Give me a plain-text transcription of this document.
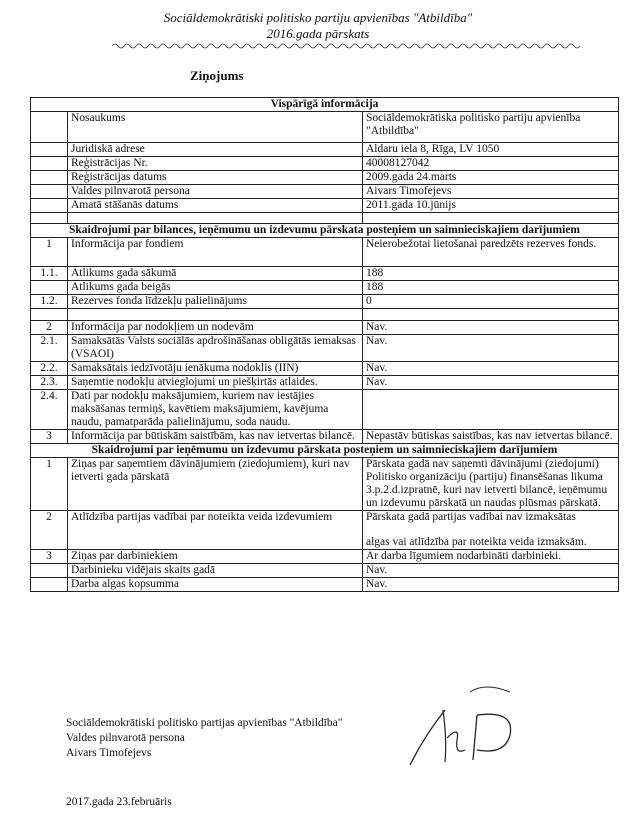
Sociāldemokrātiski politisko partiju apvienības "Atbildība"
2016.gada pārskats
Ziņojums
Vispārīgā informācija		
	Nosaukums	Sociāldemokrātiska politisko partiju apvienība "Atbildība"
	Juridiskā adrese	Aldaru iela 8, Rīga, LV 1050
	Reģistrācijas Nr.	40008127042
	Reģistrācijas datums	2009.gada 24.marts
	Valdes pilnvarotā persona	Aivars Timofejevs
	Amatā stāšanās datums	2011.gada 10.jūnijs

Skaidrojumi par bilances, ieņēmumu un izdevumu pārskata posteņiem un saimnieciskajiem darījumiem		
1	Informācija par fondiem	Neierobežotai lietošanai paredzēts rezerves fonds.
1.1.	Atlikums gada sākumā	188
	Atlikums gada beigās	188
1.2.	Rezerves fonda līdzekļu palielinājums	0

2	Informācija par nodokļiem un nodevām	Nav.
2.1.	Samaksātās Valsts sociālās apdrošināšanas obligātās iemaksas (VSAOI)	Nav.
2.2.	Samaksātais iedzīvotāju ienākuma nodoklis (IIN)	Nav.
2.3.	Saņemtie nodokļu atvieglojumi un piešķirtās atlaides.	Nav.
2.4.	Dati par nodokļu maksājumiem, kuriem nav iestājies maksāšanas termiņš, kavētiem maksājumiem, kavējuma naudu, pamatparāda palielinājumu, soda naudu.	
3	Informācija par būtiskām saistībām, kas nav ietvertas bilancē.	Nepastāv būtiskas saistības, kas nav ietvertas bilancē.
Skaidrojumi par ieņēmumu un izdevumu pārskata posteņiem un saimnieciskajiem darījumiem		
1	Ziņas par saņemtiem dāvinājumiem (ziedojumiem), kuri nav ietverti gada pārskatā	Pārskata gadā nav saņemti dāvinājumi (ziedojumi) Politisko organizāciju (partiju) finansēšanas likuma 3.p.2.d.izpratnē, kuri nav ietverti bilancē, ieņēmumu un izdevumu pārskatā un naudas plūsmas pārskatā.
2	Atlīdzība partijas vadībai par noteikta veida izdevumiem	Pārskata gadā partijas vadībai nav izmaksātas
algas vai atlīdzība par noteikta veida izmaksām.

3	Ziņas par darbiniekiem	Ar darba līgumiem nodarbināti darbinieki.
	Darbinieku vidējais skaits gadā	Nav.
	Darba algas kopsumma	Nav.
Sociāldemokrātiski politisko partijas apvienības "Atbildība"
Valdes pilnvarotā persona
Aivars Timofejevs
2017.gada 23.februāris
